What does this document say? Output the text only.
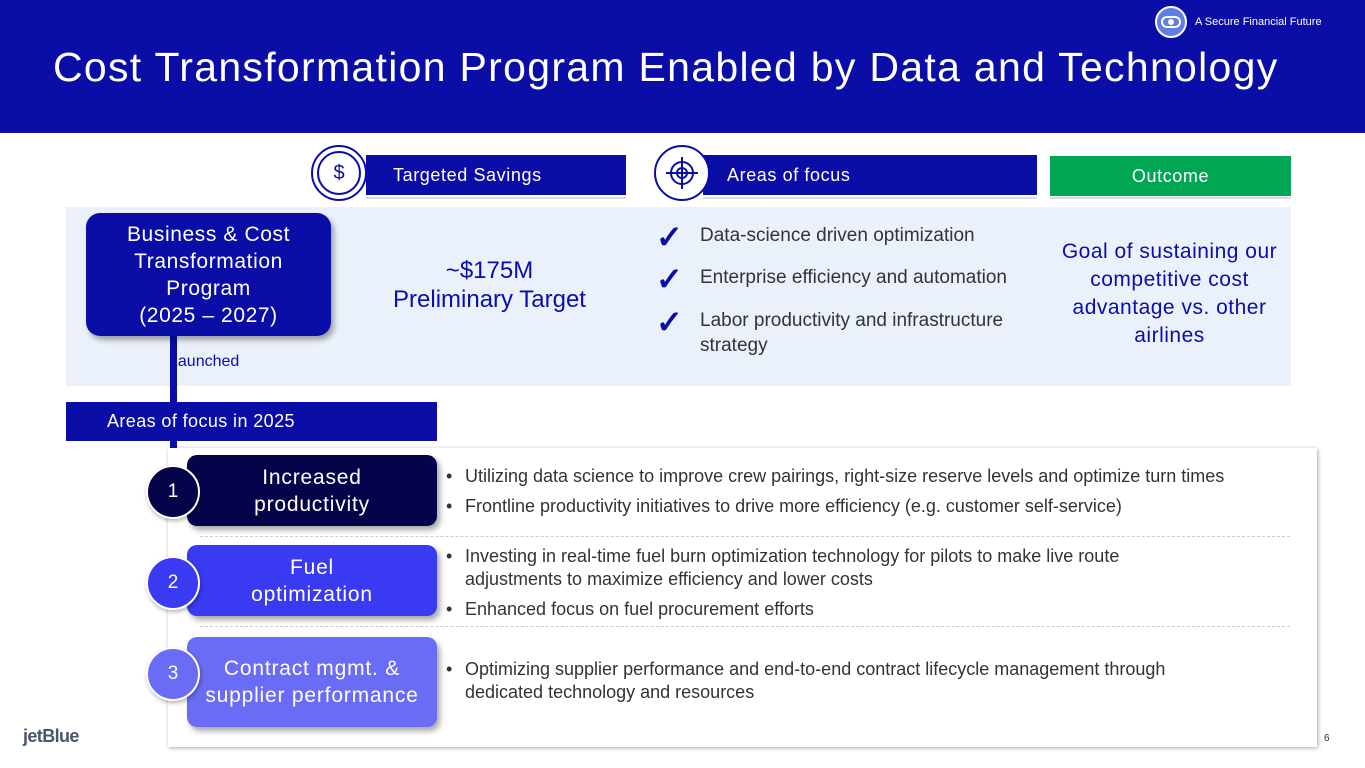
A Secure Financial Future
Cost Transformation Program Enabled by Data and Technology
Targeted Savings
$	Areas of focus	Outcome
Business & Cost
Transformation
Program
(2025 – 2027)
Launched
~$175M
Preliminary Target
✓ Data-science driven optimization
✓ Enterprise efficiency and automation
✓ Labor productivity and infrastructure strategy
Goal of sustaining our competitive cost advantage vs. other airlines
Areas of focus in 2025
Increased
productivity
1
• Utilizing data science to improve crew pairings, right-size reserve levels and optimize turn times
• Frontline productivity initiatives to drive more efficiency (e.g. customer self-service)
Fuel
optimization
2
• Investing in real-time fuel burn optimization technology for pilots to make live route adjustments to maximize efficiency and lower costs
• Enhanced focus on fuel procurement efforts
Contract mgmt. &
supplier performance
3
•	Optimizing supplier performance and end-to-end contract lifecycle management through dedicated technology and resources
jetBlue	6
